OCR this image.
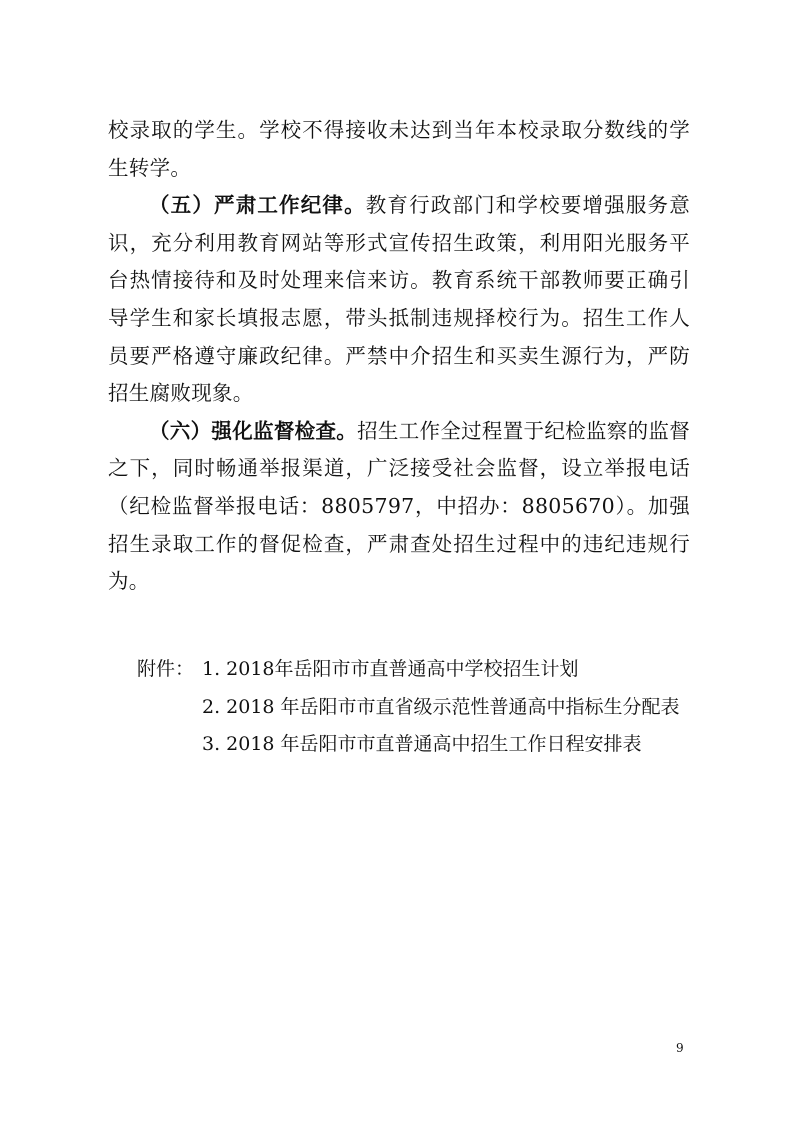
校录取的学生。学校不得接收未达到当年本校录取分数线的学生转学。

（五）严肃工作纪律。教育行政部门和学校要增强服务意识，充分利用教育网站等形式宣传招生政策，利用阳光服务平台热情接待和及时处理来信来访。教育系统干部教师要正确引导学生和家长填报志愿，带头抵制违规择校行为。招生工作人员要严格遵守廉政纪律。严禁中介招生和买卖生源行为，严防招生腐败现象。

（六）强化监督检查。招生工作全过程置于纪检监察的监督之下，同时畅通举报渠道，广泛接受社会监督，设立举报电话（纪检监督举报电话：8805797，中招办：8805670）。加强招生录取工作的督促检查，严肃查处招生过程中的违纪违规行为。

附件： 1. 2018年岳阳市市直普通高中学校招生计划
2. 2018 年岳阳市市直省级示范性普通高中指标生分配表
3. 2018 年岳阳市市直普通高中招生工作日程安排表
9
